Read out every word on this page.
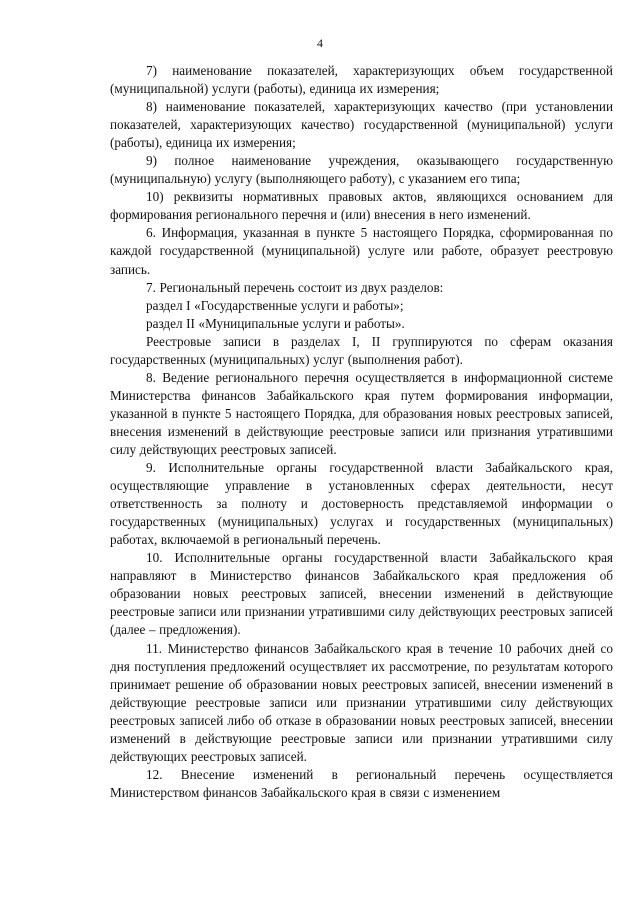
4

7) наименование показателей, характеризующих объем государственной (муниципальной) услуги (работы), единица их измерения;

8) наименование показателей, характеризующих качество (при установлении показателей, характеризующих качество) государственной (муниципальной) услуги (работы), единица их измерения;

9) полное наименование учреждения, оказывающего государственную (муниципальную) услугу (выполняющего работу), с указанием его типа;

10) реквизиты нормативных правовых актов, являющихся основанием для формирования регионального перечня и (или) внесения в него изменений.

6. Информация, указанная в пункте 5 настоящего Порядка, сформированная по каждой государственной (муниципальной) услуге или работе, образует реестровую запись.

7. Региональный перечень состоит из двух разделов:

раздел I «Государственные услуги и работы»;

раздел II «Муниципальные услуги и работы».

Реестровые записи в разделах I, II группируются по сферам оказания государственных (муниципальных) услуг (выполнения работ).

8. Ведение регионального перечня осуществляется в информационной системе Министерства финансов Забайкальского края путем формирования информации, указанной в пункте 5 настоящего Порядка, для образования новых реестровых записей, внесения изменений в действующие реестровые записи или признания утратившими силу действующих реестровых записей.

9. Исполнительные органы государственной власти Забайкальского края, осуществляющие управление в установленных сферах деятельности, несут ответственность за полноту и достоверность представляемой информации о государственных (муниципальных) услугах и государственных (муниципальных) работах, включаемой в региональный перечень.

10. Исполнительные органы государственной власти Забайкальского края направляют в Министерство финансов Забайкальского края предложения об образовании новых реестровых записей, внесении изменений в действующие реестровые записи или признании утратившими силу действующих реестровых записей (далее – предложения).

11. Министерство финансов Забайкальского края в течение 10 рабочих дней со дня поступления предложений осуществляет их рассмотрение, по результатам которого принимает решение об образовании новых реестровых записей, внесении изменений в действующие реестровые записи или признании утратившими силу действующих реестровых записей либо об отказе в образовании новых реестровых записей, внесении изменений в действующие реестровые записи или признании утратившими силу действующих реестровых записей.

12. Внесение изменений в региональный перечень осуществляется Министерством финансов Забайкальского края в связи с изменением
